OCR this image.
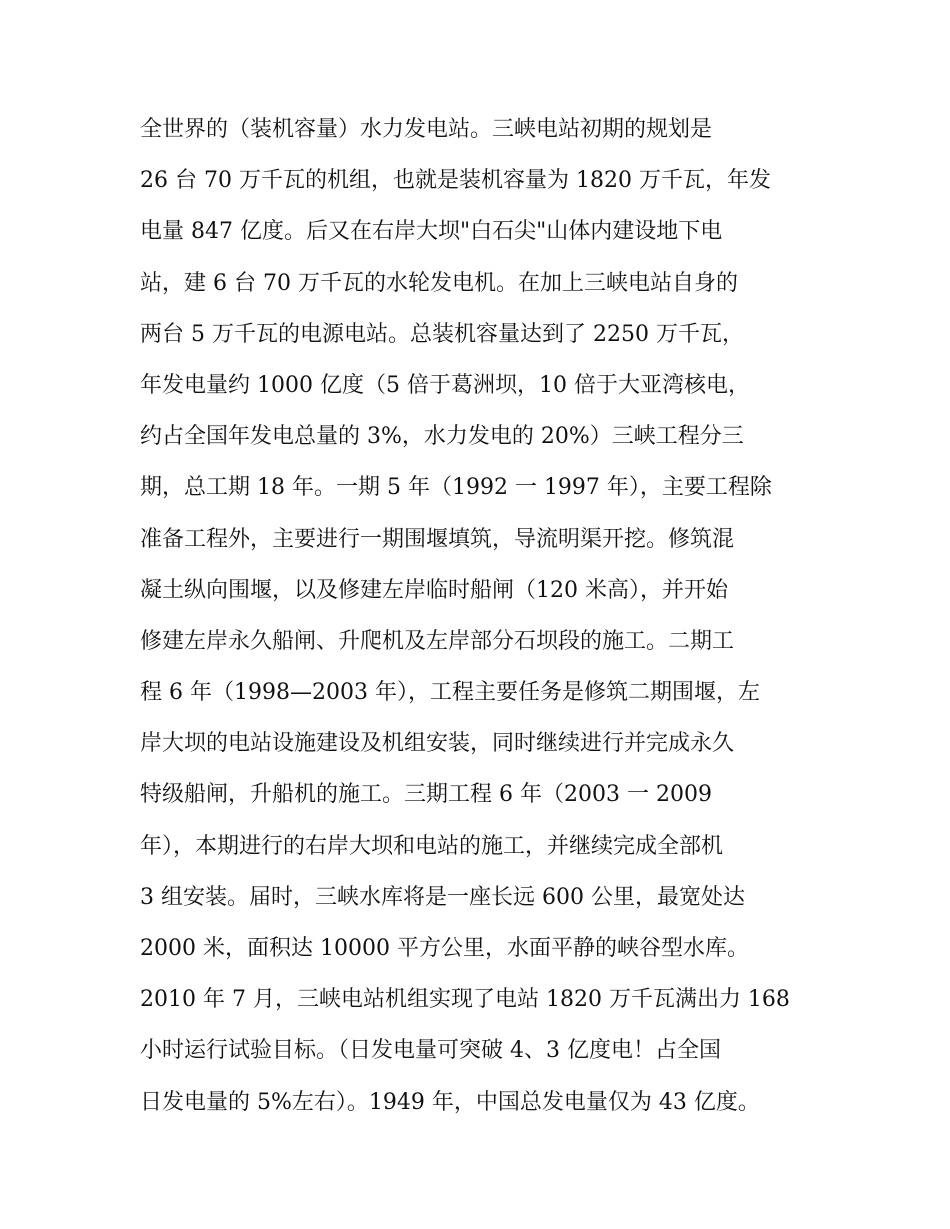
全世界的（装机容量）水力发电站。三峡电站初期的规划是
26 台 70 万千瓦的机组，也就是装机容量为 1820 万千瓦，年发
电量 847 亿度。后又在右岸大坝"白石尖"山体内建设地下电
站，建 6 台 70 万千瓦的水轮发电机。在加上三峡电站自身的
两台 5 万千瓦的电源电站。总装机容量达到了 2250 万千瓦，
年发电量约 1000 亿度（5 倍于葛洲坝，10 倍于大亚湾核电，
约占全国年发电总量的 3%，水力发电的 20%）三峡工程分三
期，总工期 18 年。一期 5 年（1992 一 1997 年），主要工程除
准备工程外，主要进行一期围堰填筑，导流明渠开挖。修筑混
凝土纵向围堰，以及修建左岸临时船闸（120 米高），并开始
修建左岸永久船闸、升爬机及左岸部分石坝段的施工。二期工
程 6 年（1998—2003 年），工程主要任务是修筑二期围堰，左
岸大坝的电站设施建设及机组安装，同时继续进行并完成永久
特级船闸，升船机的施工。三期工程 6 年（2003 一 2009
年），本期进行的右岸大坝和电站的施工，并继续完成全部机
3 组安装。届时，三峡水库将是一座长远 600 公里，最宽处达
2000 米，面积达 10000 平方公里，水面平静的峡谷型水库。
2010 年 7 月，三峡电站机组实现了电站 1820 万千瓦满出力 168
小时运行试验目标。（日发电量可突破 4、3 亿度电！占全国
日发电量的 5%左右）。1949 年，中国总发电量仅为 43 亿度。
